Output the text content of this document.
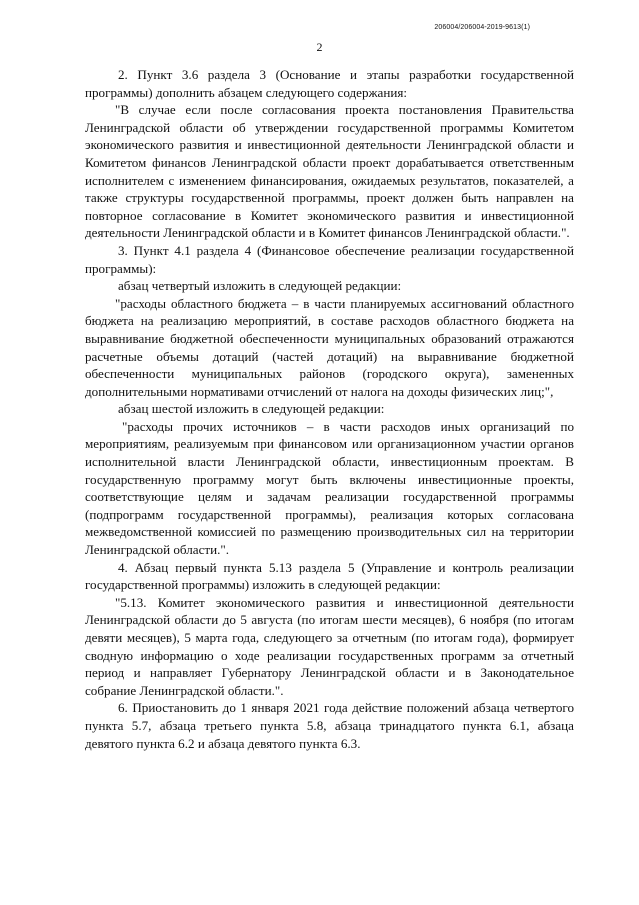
206004/206004-2019-9613(1)
2

2. Пункт 3.6 раздела 3 (Основание и этапы разработки государственной программы) дополнить абзацем следующего содержания:

"В случае если после согласования проекта постановления Правительства Ленинградской области об утверждении государственной программы Комитетом экономического развития и инвестиционной деятельности Ленинградской области и Комитетом финансов Ленинградской области проект дорабатывается ответственным исполнителем с изменением финансирования, ожидаемых результатов, показателей, а также структуры государственной программы, проект должен быть направлен на повторное согласование в Комитет экономического развития и инвестиционной деятельности Ленинградской области и в Комитет финансов Ленинградской области.".

3. Пункт 4.1 раздела 4 (Финансовое обеспечение реализации государственной программы):

абзац четвертый изложить в следующей редакции:

"расходы областного бюджета – в части планируемых ассигнований областного бюджета на реализацию мероприятий, в составе расходов областного бюджета на выравнивание бюджетной обеспеченности муниципальных образований отражаются расчетные объемы дотаций (частей дотаций) на выравнивание бюджетной обеспеченности муниципальных районов (городского округа), замененных дополнительными нормативами отчислений от налога на доходы физических лиц;",

абзац шестой изложить в следующей редакции:

"расходы прочих источников – в части расходов иных организаций по мероприятиям, реализуемым при финансовом или организационном участии органов исполнительной власти Ленинградской области, инвестиционным проектам. В государственную программу могут быть включены инвестиционные проекты, соответствующие целям и задачам реализации государственной программы (подпрограмм государственной программы), реализация которых согласована межведомственной комиссией по размещению производительных сил на территории Ленинградской области.".

4. Абзац первый пункта 5.13 раздела 5 (Управление и контроль реализации государственной программы) изложить в следующей редакции:

"5.13. Комитет экономического развития и инвестиционной деятельности Ленинградской области до 5 августа (по итогам шести месяцев), 6 ноября (по итогам девяти месяцев), 5 марта года, следующего за отчетным (по итогам года), формирует сводную информацию о ходе реализации государственных программ за отчетный период и направляет Губернатору Ленинградской области и в Законодательное собрание Ленинградской области.".

6. Приостановить до 1 января 2021 года действие положений абзаца четвертого пункта 5.7, абзаца третьего пункта 5.8, абзаца тринадцатого пункта 6.1, абзаца девятого пункта 6.2 и абзаца девятого пункта 6.3.
